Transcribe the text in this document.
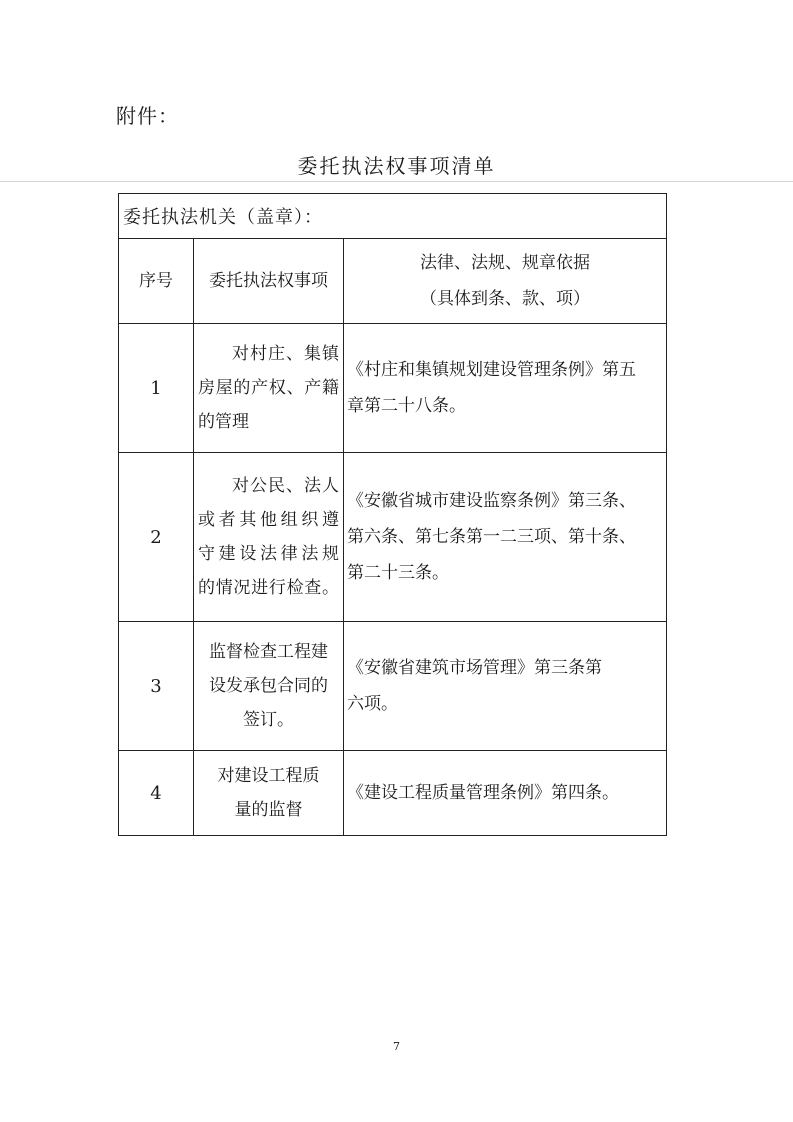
附件：
委托执法权事项清单
委托执法机关（盖章）：		
序号	委托执法权事项	法律、法规、规章依据
（具体到条、款、项）

1	对村庄、集镇
房屋的产权、产籍
的管理	《村庄和集镇规划建设管理条例》第五
章第二十八条。

2	对公民、法人
或者其他组织遵
守建设法律法规
的情况进行检查。	《安徽省城市建设监察条例》第三条、
第六条、第七条第一二三项、第十条、
第二十三条。

3	监督检查工程建
设发承包合同的
签订。	《安徽省建筑市场管理》第三条第
六项。

4	对建设工程质
量的监督	《建设工程质量管理条例》第四条。
7
